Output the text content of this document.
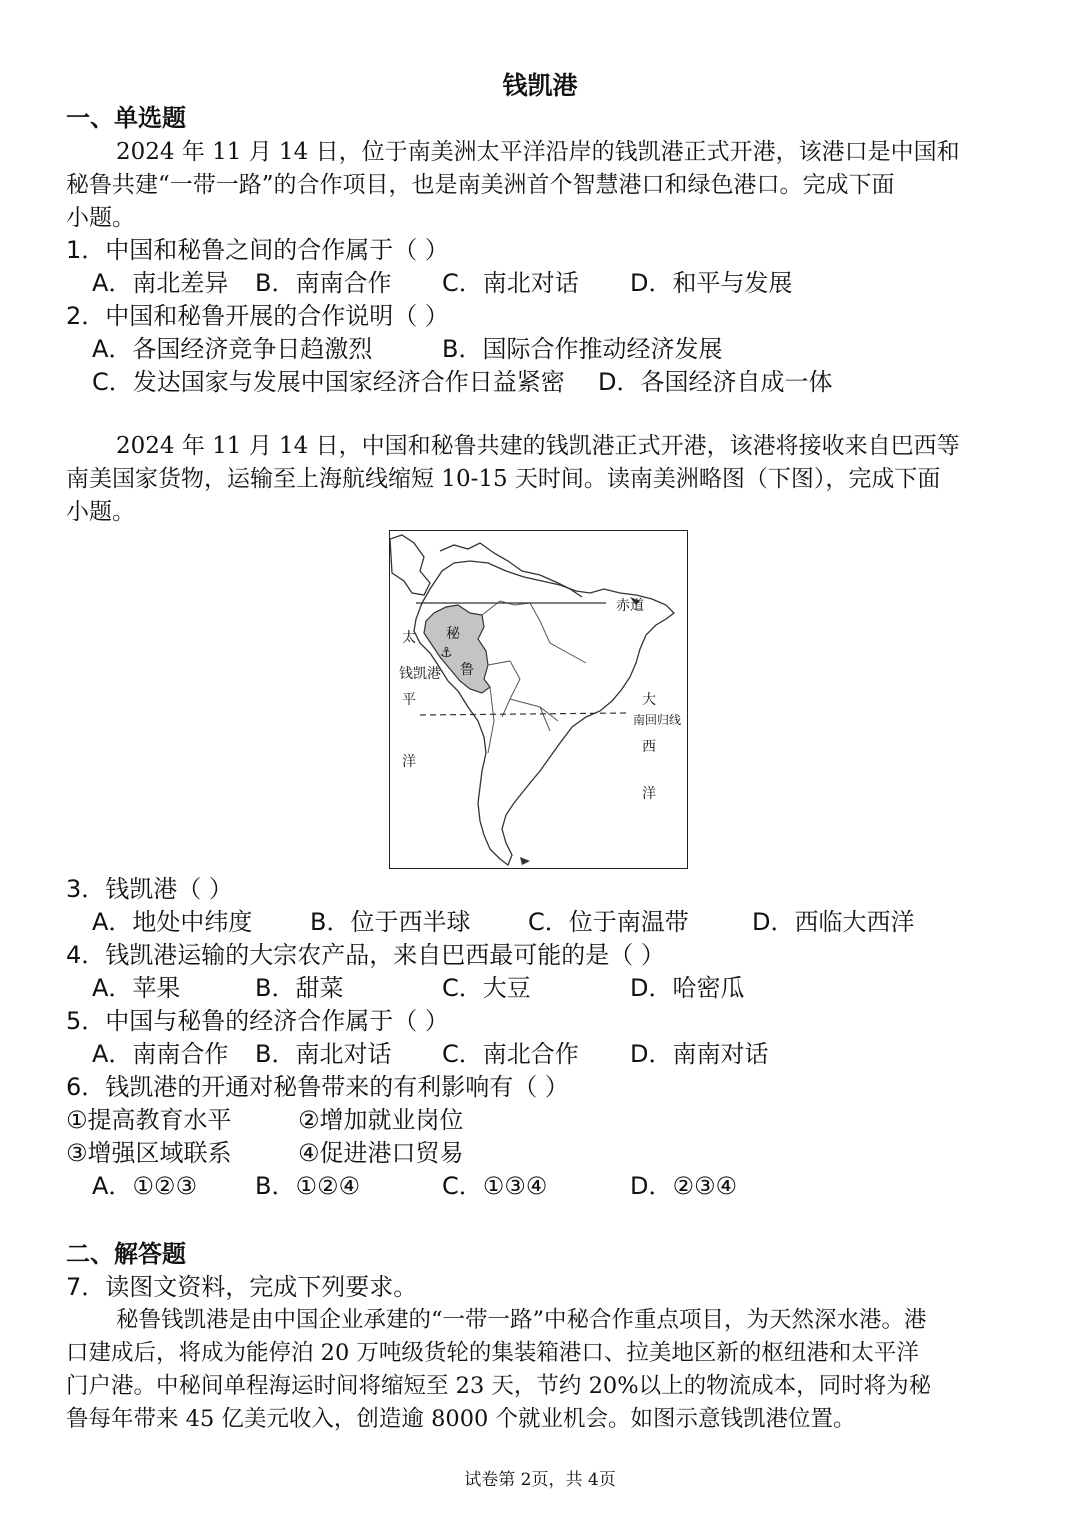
钱凯港
一、单选题
2024 年 11 月 14 日，位于南美洲太平洋沿岸的钱凯港正式开港，该港口是中国和
秘鲁共建“一带一路”的合作项目，也是南美洲首个智慧港口和绿色港口。完成下面
小题。
1．中国和秘鲁之间的合作属于（ ）
A．南北差异 B．南南合作 C．南北对话 D．和平与发展
2．中国和秘鲁开展的合作说明（ ）
A．各国经济竞争日趋激烈	B．国际合作推动经济发展
C．发达国家与发展中国家经济合作日益紧密 D．各国经济自成一体
2024 年 11 月 14 日，中国和秘鲁共建的钱凯港正式开港，该港将接收来自巴西等
南美国家货物，运输至上海航线缩短 10-15 天时间。读南美洲略图（下图），完成下面
小题。
⚓
赤道
南回归线
秘
鲁
钱凯港
太
平
洋
大
西
洋
3．钱凯港（ ）
A．地处中纬度 B．位于西半球 C．位于南温带	D．西临大西洋
4．钱凯港运输的大宗农产品，来自巴西最可能的是（ ）
A．苹果	B．甜菜	C．大豆	D．哈密瓜
5．中国与秘鲁的经济合作属于（ ）
A．南南合作 B．南北对话 C．南北合作 D．南南对话
6．钱凯港的开通对秘鲁带来的有利影响有（ ）
①提高教育水平	②增加就业岗位
③增强区域联系	④促进港口贸易
A．①②③ B．①②④	C．①③④	D．②③④
二、解答题
7．读图文资料，完成下列要求。
秘鲁钱凯港是由中国企业承建的“一带一路”中秘合作重点项目，为天然深水港。港
口建成后，将成为能停泊 20 万吨级货轮的集装箱港口、拉美地区新的枢纽港和太平洋
门户港。中秘间单程海运时间将缩短至 23 天，节约 20%以上的物流成本，同时将为秘
鲁每年带来 45 亿美元收入，创造逾 8000 个就业机会。如图示意钱凯港位置。
试卷第 2页，共 4页
